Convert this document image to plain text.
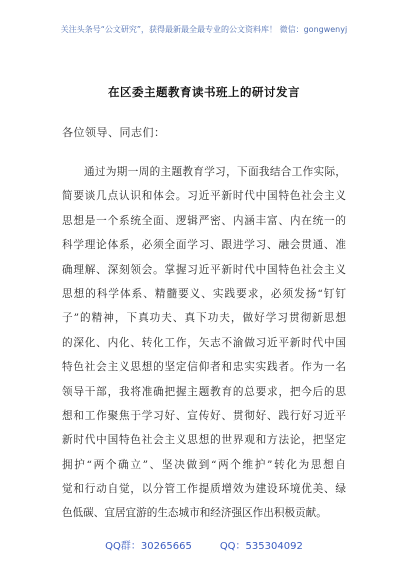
关注头条号“公文研究”，获得最新最全最专业的公文资料库！ 微信：gongwenyj
在区委主题教育读书班上的研讨发言
各位领导、同志们：
通过为期一周的主题教育学习，下面我结合工作实际，
简要谈几点认识和体会。习近平新时代中国特色社会主义
思想是一个系统全面、逻辑严密、内涵丰富、内在统一的
科学理论体系，必须全面学习、跟进学习、融会贯通、准
确理解、深刻领会。掌握习近平新时代中国特色社会主义
思想的科学体系、精髓要义、实践要求，必须发扬“钉钉
子”的精神，下真功夫、真下功夫，做好学习贯彻新思想
的深化、内化、转化工作，矢志不渝做习近平新时代中国
特色社会主义思想的坚定信仰者和忠实实践者。作为一名
领导干部，我将准确把握主题教育的总要求，把今后的思
想和工作聚焦于学习好、宣传好、贯彻好、践行好习近平
新时代中国特色社会主义思想的世界观和方法论，把坚定
拥护“两个确立”、坚决做到“两个维护”转化为思想自
觉和行动自觉，以分管工作提质增效为建设环境优美、绿
色低碳、宜居宜游的生态城市和经济强区作出积极贡献。
QQ群：30265665	QQ：535304092
